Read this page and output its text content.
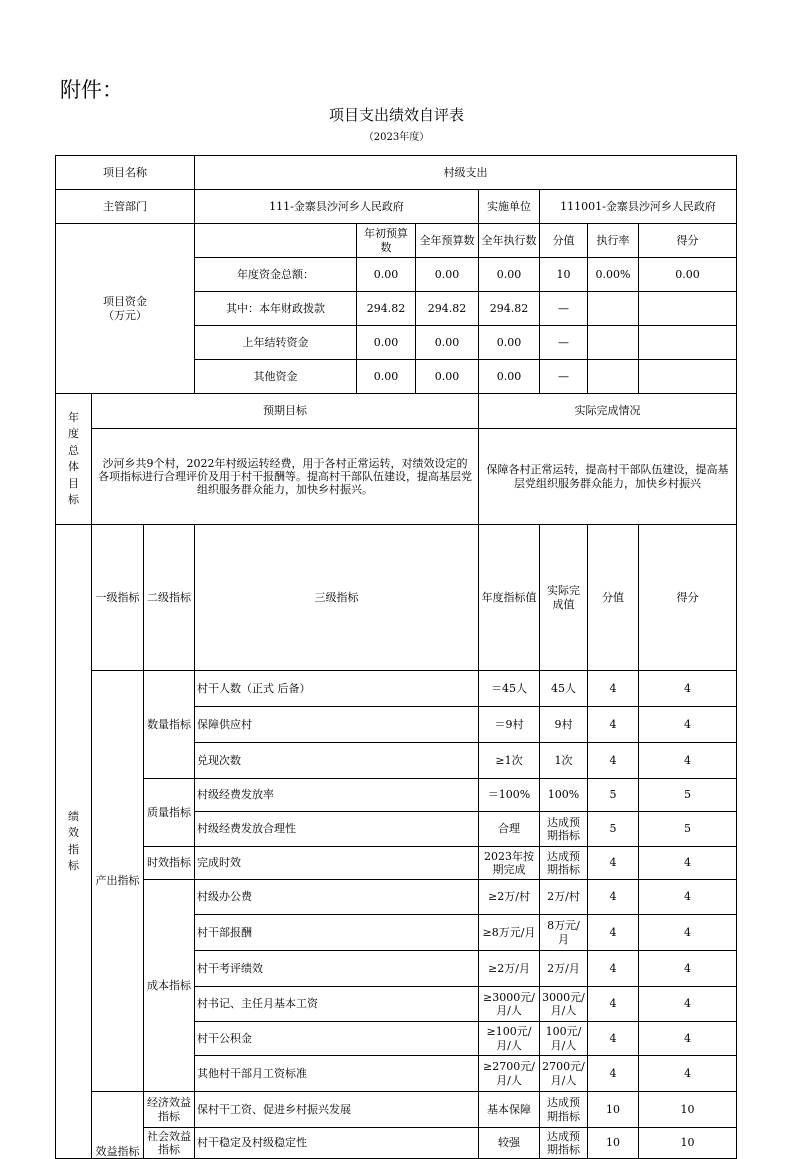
附件：
项目支出绩效自评表
（2023年度）
项目名称			村级支出							
主管部门			111-金寨县沙河乡人民政府			实施单位	111001-金寨县沙河乡人民政府			
项目资金
（万元）				年初预算数	全年预算数	全年执行数	分值	执行率	得分	
			年度资金总额：	0.00	0.00	0.00	10	0.00%	0.00	
			其中：本年财政拨款	294.82	294.82	294.82	—			
			上年结转资金	0.00	0.00	0.00	—			
			其他资金	0.00	0.00	0.00	—			

年度总体目标	预期目标					实际完成情况				
	沙河乡共9个村，2022年村级运转经费，用于各村正常运转，对绩效设定的各项指标进行合理评价及用于村干报酬等。提高村干部队伍建设，提高基层党组织服务群众能力，加快乡村振兴。					保障各村正常运转，提高村干部队伍建设，提高基层党组织服务群众能力，加快乡村振兴				

绩效指标	一级指标	二级指标	三级指标			年度指标值	实际完成值	分值	得分	
	产出指标	数量指标	村干人数（正式 后备）			＝45人	45人	4	4	
			保障供应村			＝9村	9村	4	4	
			兑现次数			≥1次	1次	4	4	
		质量指标	村级经费发放率			＝100%	100%	5	5	
			村级经费发放合理性			合理	达成预期指标	5	5	
		时效指标	完成时效			2023年按期完成	达成预期指标	4	4	
		成本指标	村级办公费			≥2万/村	2万/村	4	4	
			村干部报酬			≥8万元/月	8万元/月	4	4	
			村干考评绩效			≥2万/月	2万/月	4	4	
			村书记、主任月基本工资			≥3000元/月/人	3000元/月/人	4	4	
			村干公积金			≥100元/月/人	100元/月/人	4	4	
			其他村干部月工资标准			≥2700元/月/人	2700元/月/人	4	4	
	效益指标	经济效益指标	保村干工资、促进乡村振兴发展			基本保障	达成预期指标	10	10	
		社会效益指标	村干稳定及村级稳定性			较强	达成预期指标	10	10	
